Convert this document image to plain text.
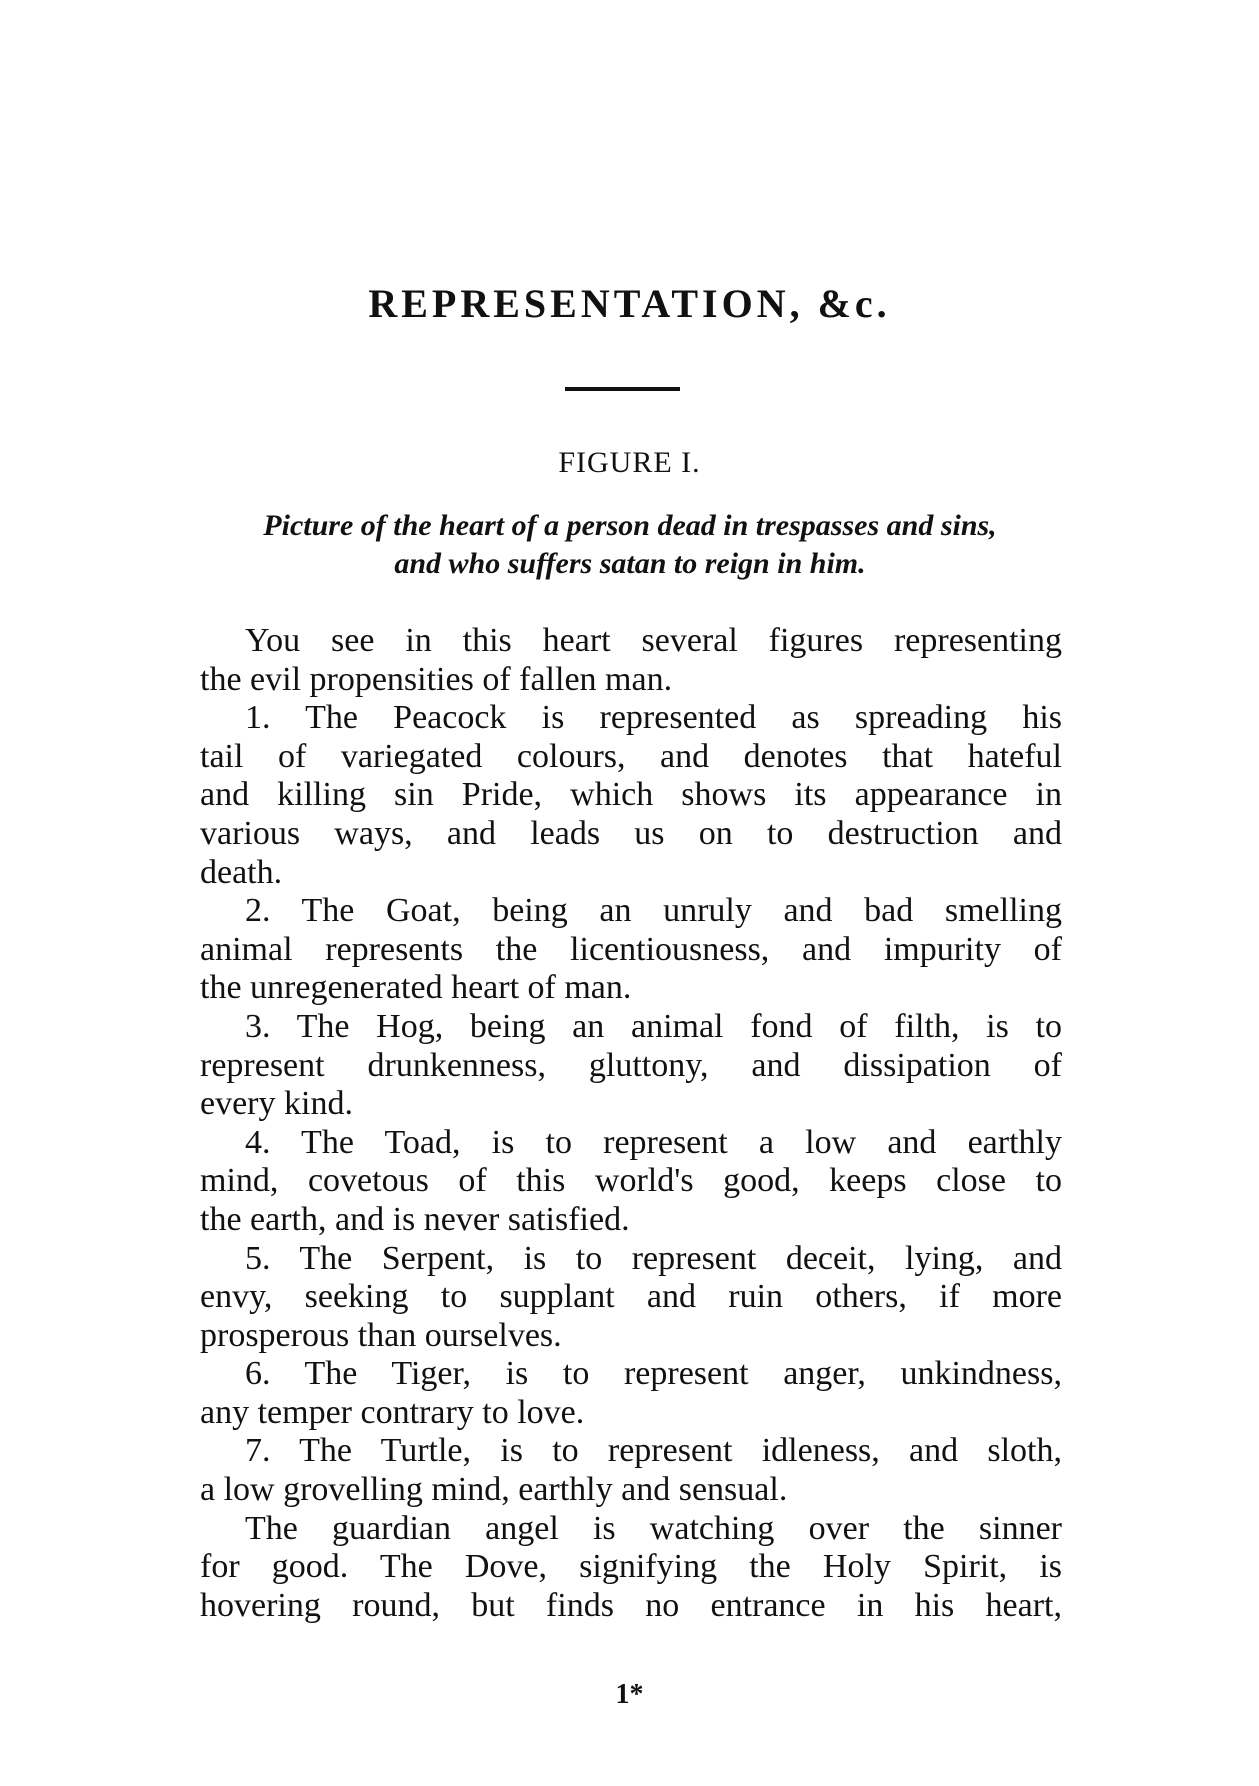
REPRESENTATION, &c.
FIGURE I.
Picture of the heart of a person dead in trespasses and sins,
and who suffers satan to reign in him.
You see in this heart several figures representing
the evil propensities of fallen man.
1. The Peacock is represented as spreading his
tail of variegated colours, and denotes that hateful
and killing sin Pride, which shows its appearance in
various ways, and leads us on to destruction and
death.
2. The Goat, being an unruly and bad smelling
animal represents the licentiousness, and impurity of
the unregenerated heart of man.
3. The Hog, being an animal fond of filth, is to
represent drunkenness, gluttony, and dissipation of
every kind.
4. The Toad, is to represent a low and earthly
mind, covetous of this world's good, keeps close to
the earth, and is never satisfied.
5. The Serpent, is to represent deceit, lying, and
envy, seeking to supplant and ruin others, if more
prosperous than ourselves.
6. The Tiger, is to represent anger, unkindness,
any temper contrary to love.
7. The Turtle, is to represent idleness, and sloth,
a low grovelling mind, earthly and sensual.
The guardian angel is watching over the sinner
for good. The Dove, signifying the Holy Spirit, is
hovering round, but finds no entrance in his heart,
1*
